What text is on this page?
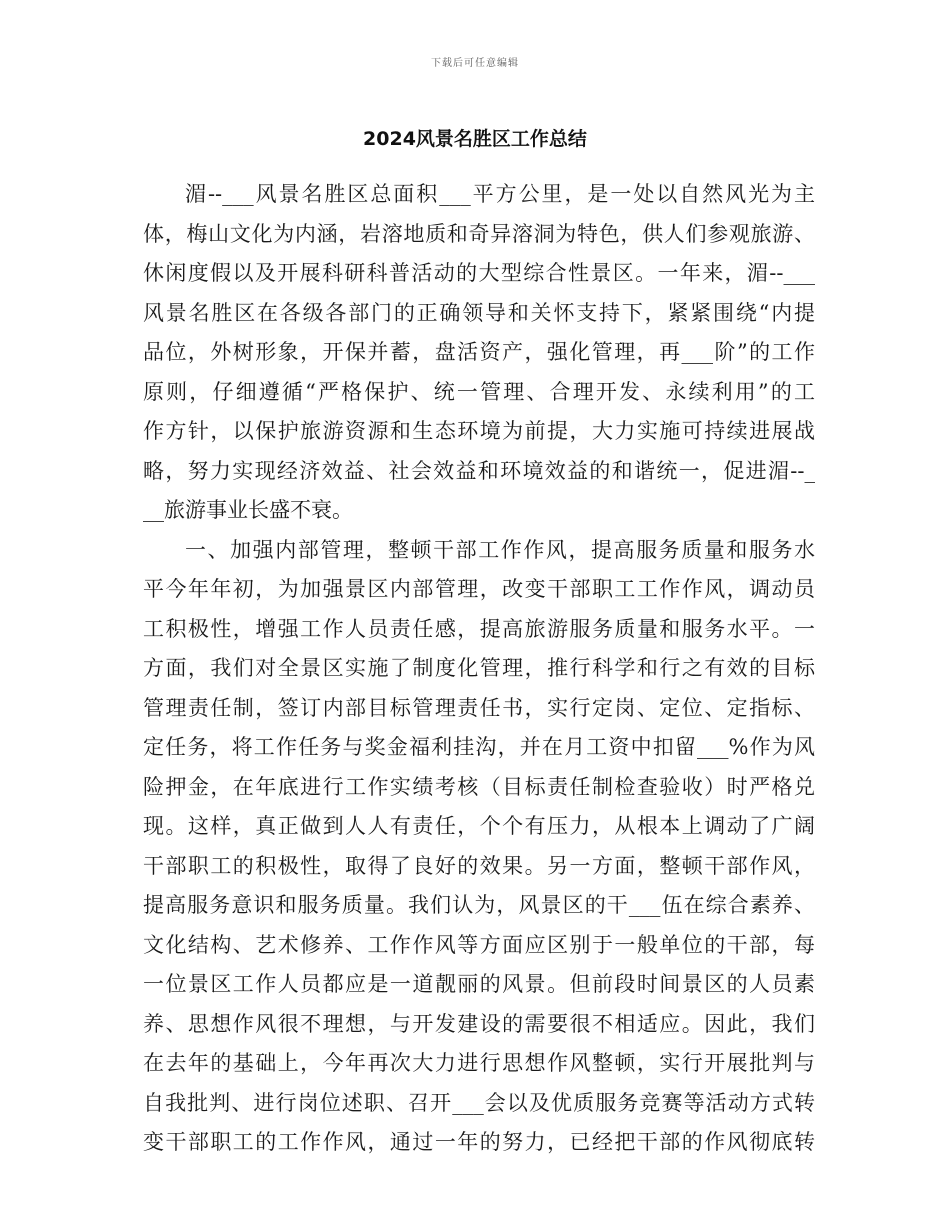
下载后可任意编辑
2024风景名胜区工作总结
湄--___风景名胜区总面积___平方公里，是一处以自然风光为主
体，梅山文化为内涵，岩溶地质和奇异溶洞为特色，供人们参观旅游、
休闲度假以及开展科研科普活动的大型综合性景区。一年来，湄--___
风景名胜区在各级各部门的正确领导和关怀支持下，紧紧围绕“内提
品位，外树形象，开保并蓄，盘活资产，强化管理，再___阶”的工作
原则，仔细遵循“严格保护、统一管理、合理开发、永续利用”的工
作方针，以保护旅游资源和生态环境为前提，大力实施可持续进展战
略，努力实现经济效益、社会效益和环境效益的和谐统一，促进湄--_
__旅游事业长盛不衰。
一、加强内部管理，整顿干部工作作风，提高服务质量和服务水
平今年年初，为加强景区内部管理，改变干部职工工作作风，调动员
工积极性，增强工作人员责任感，提高旅游服务质量和服务水平。一
方面，我们对全景区实施了制度化管理，推行科学和行之有效的目标
管理责任制，签订内部目标管理责任书，实行定岗、定位、定指标、
定任务，将工作任务与奖金福利挂沟，并在月工资中扣留___%作为风
险押金，在年底进行工作实绩考核（目标责任制检查验收）时严格兑
现。这样，真正做到人人有责任，个个有压力，从根本上调动了广阔
干部职工的积极性，取得了良好的效果。另一方面，整顿干部作风，
提高服务意识和服务质量。我们认为，风景区的干___伍在综合素养、
文化结构、艺术修养、工作作风等方面应区别于一般单位的干部，每
一位景区工作人员都应是一道靓丽的风景。但前段时间景区的人员素
养、思想作风很不理想，与开发建设的需要很不相适应。因此，我们
在去年的基础上，今年再次大力进行思想作风整顿，实行开展批判与
自我批判、进行岗位述职、召开___会以及优质服务竞赛等活动方式转
变干部职工的工作作风，通过一年的努力，已经把干部的作风彻底转
